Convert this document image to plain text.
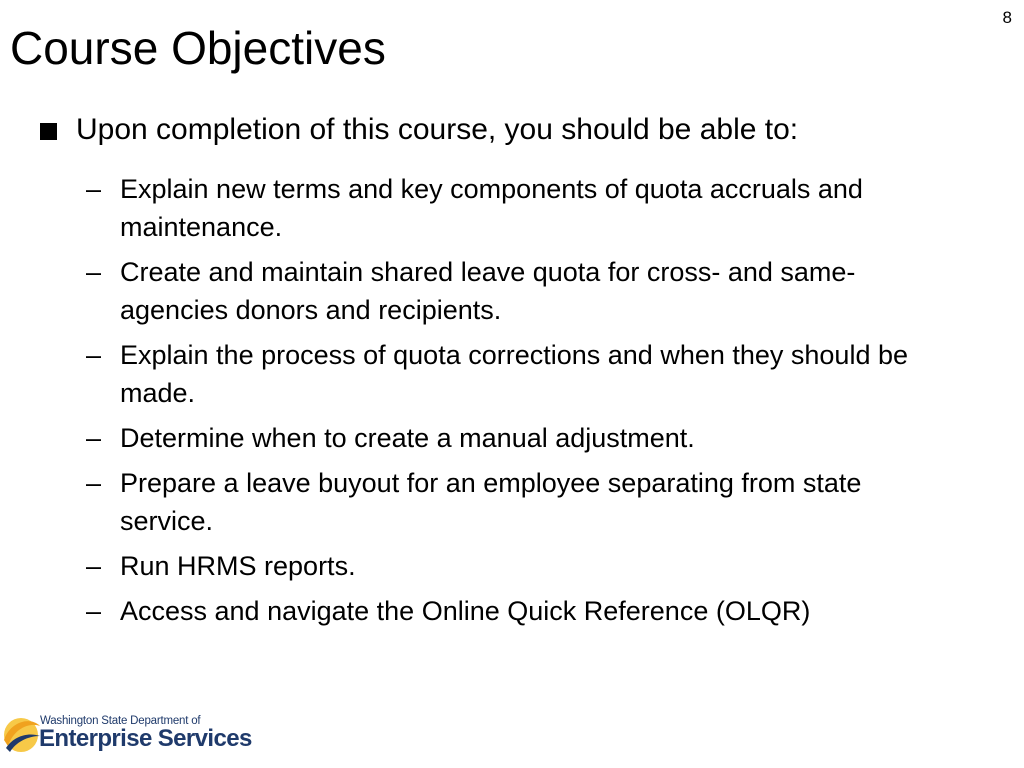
8
Course Objectives
Upon completion of this course, you should be able to:
– Explain new terms and key components of quota accruals and maintenance.
– Create and maintain shared leave quota for cross- and same-agencies donors and recipients.
– Explain the process of quota corrections and when they should be made.
– Determine when to create a manual adjustment.
– Prepare a leave buyout for an employee separating from state service.
– Run HRMS reports.
– Access and navigate the Online Quick Reference (OLQR)
Washington State Department of
Enterprise Services
